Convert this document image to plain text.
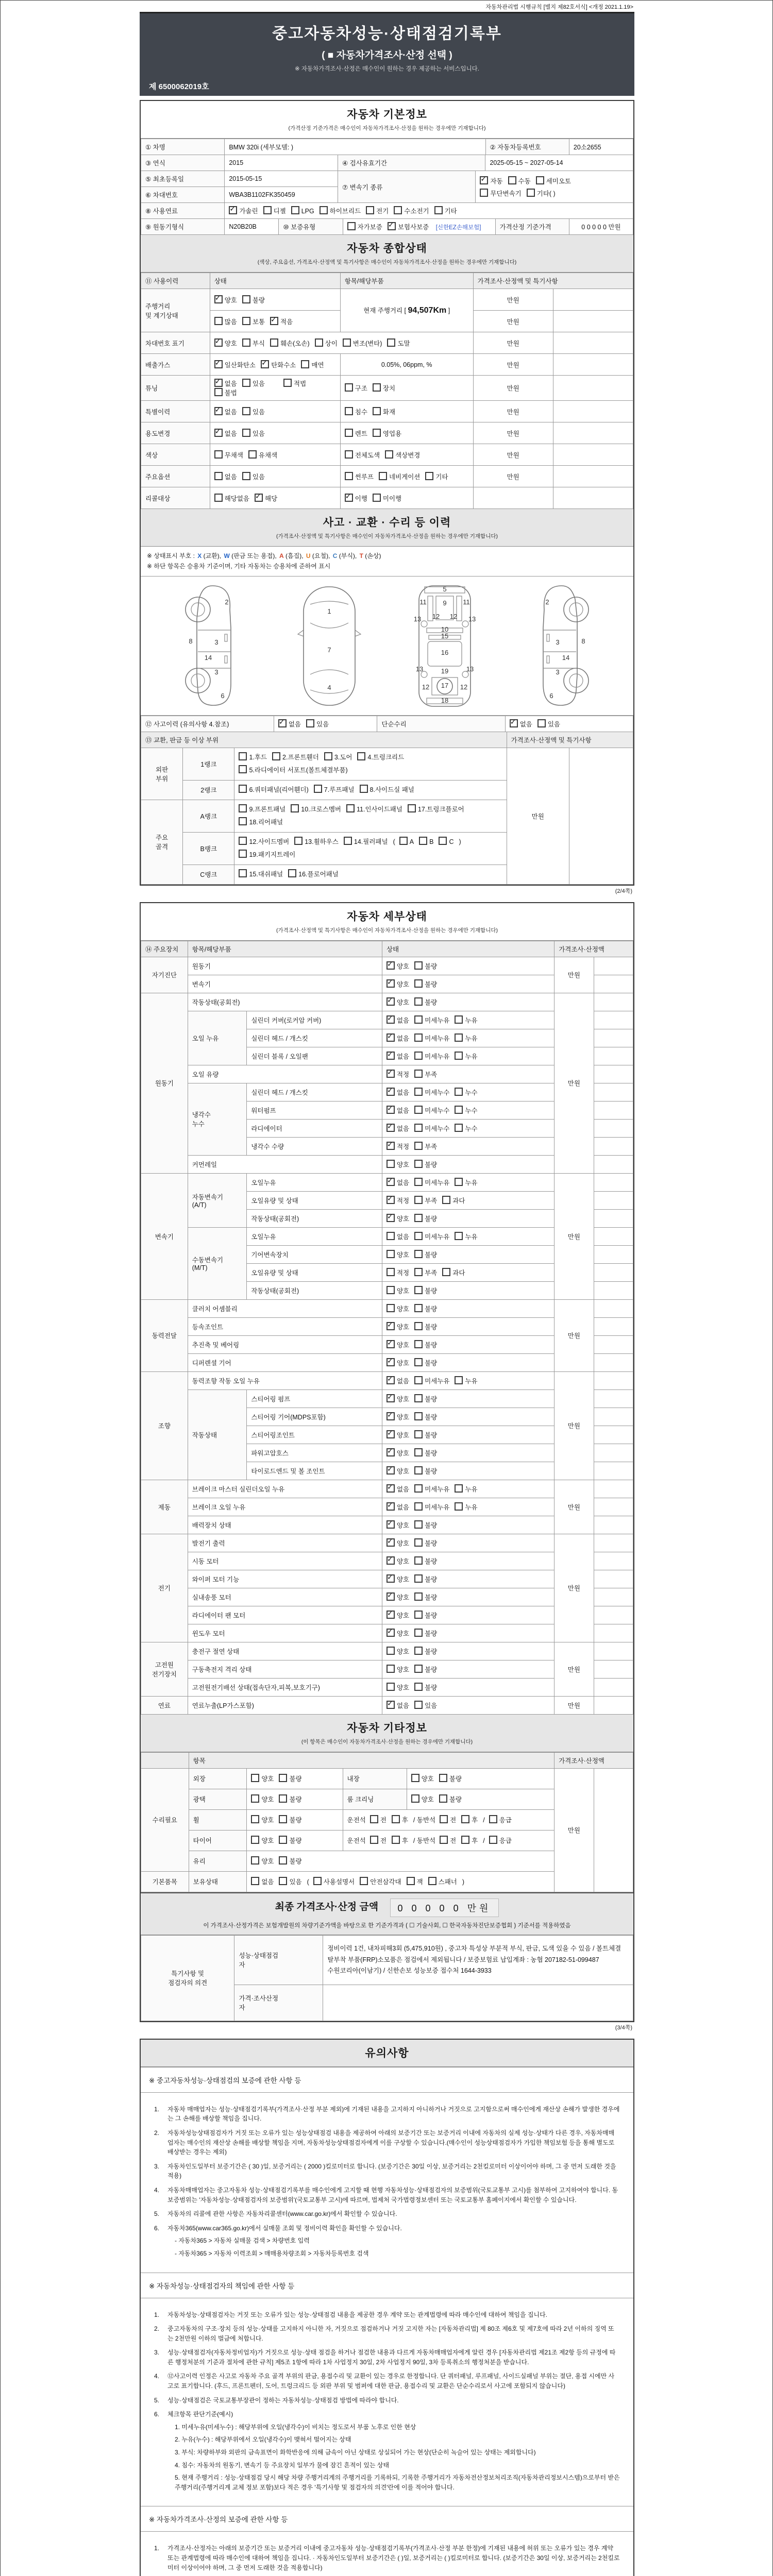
자동차관리법 시행규칙 [별지 제82호서식] <개정 2021.1.19>
중고자동차성능·상태점검기록부
( ■ 자동차가격조사·산정 선택 )
※ 자동차가격조사·산정은 매수인이 원하는 경우 제공하는 서비스입니다.
제 6500062019호
자동차 기본정보
(가격산정 기준가격은 매수인이 자동차가격조사·산정을 원하는 경우에만 기재합니다)
① 차명	BMW 320i (세부모델: )	② 자동차등록번호	20소2655
③ 연식	2015	④ 검사유효기간	2025-05-15 ~ 2027-05-14
⑤ 최초등록일	2015-05-15	⑦ 변속기 종류	
✓자동 수동 세미오토
무단변속기 기타( )

⑥ 차대번호	WBA3B1102FK350459		
⑧ 사용연료	✓가솔린 디젤 LPG 하이브리드 전기 수소전기 기타
⑨ 원동기형식	N20B20B	⑩ 보증유형	자가보증 ✓ 보험사보증 [신한EZ손해보험]	가격산정 기준가격	0 0 0 0 0 만원
자동차 종합상태
(색상, 주요옵션, 가격조사·산정액 및 특기사항은 매수인이 자동차가격조사·산정을 원하는 경우에만 기재합니다)
⑪ 사용이력	상태	항목/해당부품	가격조사·산정액 및 특기사항	
주행거리
및 계기상태	✓양호 불량	현재 주행거리 [ 94,507Km ]	만원	
	많음 보통 ✓ 적음		만원	
차대번호 표기	✓양호 부식 훼손(오손) 상이 변조(변타) 도말		만원	
배출가스	✓일산화탄소 ✓ 탄화수소 매연	0.05%, 06ppm, %	만원	
튜닝	✓없음 있음 적법불법	구조 장치	만원	
특별이력	✓없음 있음	침수 화재	만원	
용도변경	✓없음 있음	렌트 영업용	만원	
색상	무채색 유채색	전체도색 색상변경	만원	
주요옵션	없음 있음	썬루프 네비게이션 기타	만원	
리콜대상	해당없음 ✓ 해당	✓이행 미이행		
사고 · 교환 · 수리 등 이력
(가격조사·산정액 및 특기사항은 매수인이 자동차가격조사·산정을 원하는 경우에만 기재합니다)
※ 상태표시 부호 : X (교환), W (판금 또는 용접), A (흠집), U (요철), C (부식), T (손상)
※ 하단 항목은 승용차 기준이며, 기타 자동차는 승용차에 준하여 표시
2
8	3
14
3
6
1
7
4
5
11 9 11
13 12 12 13
10
15
16
13	19	13
12 17 12
18
2
3	8
14
3
6
⑫ 사고이력 (유의사항 4.참조)	✓없음 있음	단순수리	✓없음 있음
⑬ 교환, 판금 등 이상 부위			가격조사·산정액 및 특기사항	
외판
부위	1랭크	1.후드 2.프론트휀더 3.도어 4.트렁크리드
5.라디에이터 서포트(볼트체결부품)	만원	
	2랭크	6.쿼터패널(리어휀더) 7.루프패널 8.사이드실 패널		
주요
골격	A랭크	9.프론트패널 10.크로스멤버 11.인사이드패널 17.트렁크플로어
18.리어패널		
	B랭크	12.사이드멤버 13.휠하우스 14.필러패널 ( A B C )
19.패키지트레이		
	C랭크	15.대쉬패널 16.플로어패널		
(2/4쪽)
자동차 세부상태
(가격조사·산정액 및 특기사항은 매수인이 자동차가격조사·산정을 원하는 경우에만 기재합니다)
⑭ 주요장치	항목/해당부품		상태	가격조사·산정액	
자기진단	원동기	✓양호 불량	만원	
	변속기	✓양호 불량	
원동기	작동상태(공회전)	✓양호 불량	만원	
	오일 누유	실린더 커버(로커암 커버)	✓없음 미세누유 누유	
		실린더 헤드 / 개스킷	✓없음 미세누유 누유	
		실린더 블록 / 오일팬	✓없음 미세누유 누유	
	오일 유량	✓적정 부족	
	냉각수
누수	실린더 헤드 / 개스킷	✓없음 미세누수 누수	
		워터펌프	✓없음 미세누수 누수	
		라디에이터	✓없음 미세누수 누수	
		냉각수 수량	✓적정 부족	
	커먼레일		양호 불량		
변속기	자동변속기
(A/T)	오일누유	✓없음 미세누유 누유	만원	
		오일유량 및 상태	✓적정 부족 과다	
		작동상태(공회전)	✓양호 불량	
	수동변속기
(M/T)	오일누유	없음 미세누유 누유		
		기어변속장치	양호 불량		
		오일유량 및 상태	적정 부족 과다		
		작동상태(공회전)	양호 불량		
동력전달	클러치 어셈블리		양호 불량	만원	
	등속조인트	✓양호 불량	
	추진축 및 베어링	✓양호 불량	
	디퍼렌셜 기어	✓양호 불량	
조향	동력조향 작동 오일 누유	✓없음 미세누유 누유	만원	
	작동상태	스티어링 펌프	✓양호 불량	
		스티어링 기어(MDPS포함)	✓양호 불량	
		스티어링조인트	✓양호 불량	
		파워고압호스	✓양호 불량	
		타이로드엔드 및 볼 조인트	✓양호 불량	
제동	브레이크 마스터 실린더오일 누유	✓없음 미세누유 누유	만원	
	브레이크 오일 누유	✓없음 미세누유 누유	
	배력장치 상태	✓양호 불량	
전기	발전기 출력	✓양호 불량	만원	
	시동 모터	✓양호 불량	
	와이퍼 모터 기능	✓양호 불량	
	실내송풍 모터	✓양호 불량	
	라디에이터 팬 모터	✓양호 불량	
	윈도우 모터	✓양호 불량	
고전원
전기장치	충전구 절연 상태		양호 불량	만원	
	구동축전지 격리 상태		양호 불량		
	고전원전기배선 상태(접속단자,피복,보호기구)		양호 불량		
연료	연료누출(LP가스포함)	✓없음 있음	만원	
자동차 기타정보
(이 항목은 매수인이 자동차가격조사·산정을 원하는 경우에만 기재합니다)
	항목				가격조사·산정액	
수리필요	외장	양호 불량	내장	양호 불량	만원	
	광택	양호 불량	룸 크리닝	양호 불량		
	휠	양호 불량	운전석 전 후 / 동반석 전 후 / 응급			
	타이어	양호 불량	운전석 전 후 / 동반석 전 후 / 응급			
	유리	양호 불량				
기본품목	보유상태	없음 있음 ( 사용설명서 안전삼각대 잭 스패너 )				
최종 가격조사·산정 금액 0 0 0 0 0 만원
이 가격조사·산정가격은 보험개발원의 차량기준가액을 바탕으로 한 기준가격과 ( ☐ 기술사회, ☐ 한국자동차진단보증협회 ) 기준서를 적용하였음
특기사항 및
점검자의 의견	성능·상태점검
자	정비이력 1건, 내차피해3회 (5,475,910원) , 중고차 특성상 부분적 부식, 판금, 도색 있을 수 있음 / 볼트체결 탈부착 부품(FRP)소모품은 점검에서 제외됩니다 / 보증보험료 납입계좌 : 농협 207182-51-099487 수원코리아(이남기) / 신한손보 성능보증 접수처 1644-3933
	가격·조사산정
자	
(3/4쪽)
유의사항
※ 중고자동차성능·상태점검의 보증에 관한 사항 등
1.	자동차 매매업자는 성능·상태점검기록부(가격조사·산정 부분 제외)에 기재된 내용을 고지하지 아니하거나 거짓으로 고지함으로써 매수인에게 재산상 손해가 발생한 경우에는 그 손해를 배상할 책임을 집니다.
2.	자동차성능상태점검자가 거짓 또는 오류가 있는 성능상태점검 내용을 제공하여 아래의 보증기간 또는 보증거리 이내에 자동차의 실제 성능·상태가 다른 경우, 자동차매매업자는 매수인의 재산상 손해를 배상할 책임을 지며, 자동차성능상태점검자에게 이를 구상할 수 있습니다.(매수인이 성능상태점검자가 가입한 책임보험 등을 통해 별도로 배상받는 경우는 제외)
3.	자동차인도일부터 보증기간은 ( 30 )일, 보증거리는 ( 2000 )킬로미터로 합니다. (보증기간은 30일 이상, 보증거리는 2천킬로미터 이상이어야 하며, 그 중 먼저 도래한 것을 적용)
4.	자동차매매업자는 중고자동차 성능·상태점검기록부를 매수인에게 고지할 때 현행 자동차성능·상태점검자의 보증범위(국토교통부 고시)를 첨부하여 고지하여야 합니다. 동 보증범위는 '자동차성능·상태점검자의 보증범위'(국토교통부 고시)에 따르며, 법제처 국가법령정보센터 또는 국토교통부 홈페이지에서 확인할 수 있습니다.
5.	자동차의 리콜에 관한 사항은 자동차리콜센터(www.car.go.kr)에서 확인할 수 있습니다.
6.	자동차365(www.car365.go.kr)에서 실매물 조회 및 정비이력 확인을 확인할 수 있습니다.
- 자동차365 > 자동차 실매물 검색 > 차량번호 입력
- 자동차365 > 자동차 이력조회 > 매매용차량조회 > 자동차등록번호 검색
※ 자동차성능·상태점검자의 책임에 관한 사항 등
1.	자동차성능·상태점검자는 거짓 또는 오류가 있는 성능·상태점검 내용을 제공한 경우 계약 또는 관계법령에 따라 매수인에 대하여 책임을 집니다.
2.	중고자동차의 구조·장치 등의 성능·상태를 고지하지 아니한 자, 거짓으로 점검하거나 거짓 고지한 자는 [자동차관리법] 제 80조 제6호 및 제7호에 따라 2년 이하의 징역 또는 2천만원 이하의 벌금에 처합니다.
3.	성능·상태점검자(자동차정비업자)가 거짓으로 성능·상태 점검을 하거나 점검한 내용과 다르게 자동차매매업자에게 알린 경우 [자동차관리법 제21조 제2항 등의 규정에 따른 행정처분의 기준과 절차에 관한 규칙] 제5조 1항에 따라 1차 사업정지 30일, 2차 사업정지 90일, 3차 등록취소의 행정처분을 받습니다.
4.	⑫사고이력 인정은 사고로 자동차 주요 골격 부위의 판금, 용접수리 및 교환이 있는 경우로 한정합니다. 단 쿼터패널, 루프패널, 사이드실패널 부위는 절단, 용접 시에만 사고로 표기합니다. (후드, 프론트펜더, 도어, 트렁크리드 등 외판 부위 및 범퍼에 대한 판금, 용접수리 및 교환은 단순수리로서 사고에 포함되지 않습니다)
5.	성능·상태점검은 국토교통부장관이 정하는 자동차성능·상태점검 방법에 따라야 합니다.
6.	체크항목 판단기준(예시)
1. 미세누유(미세누수) : 해당부위에 오일(냉각수)이 비치는 정도로서 부품 노후로 인한 현상
2. 누유(누수) : 해당부위에서 오일(냉각수)이 맺혀서 떨어지는 상태
3. 부식: 차량하부와 외판의 금속표면이 화학반응에 의해 금속이 아닌 상태로 상실되어 가는 현상(단순히 녹슬어 있는 상태는 제외합니다)
4. 침수: 자동차의 원동기, 변속기 등 주요장치 일부가 물에 잠긴 흔적이 있는 상태
5. 현재 주행거리 : 성능·상태점검 당시 해당 차량 주행거리계의 주행거리를 기록하되, 기록한 주행거리가 자동차전산정보처리조직(자동차관리정보시스템)으로부터 받은 주행거리(주행거리계 교체 정보 포함)보다 적은 경우 '특기사항 및 점검자의 의견'란에 이를 적어야 합니다.
※ 자동차가격조사·산정의 보증에 관한 사항 등
1.	가격조사·산정자는 아래의 보증기간 또는 보증거리 이내에 중고자동차 성능·상태점검기록부(가격조사·산정 부분 한정)에 기재된 내용에 허위 또는 오류가 있는 경우 계약 또는 관계법령에 따라 매수인에 대하여 책임을 집니다. · 자동차인도일부터 보증기간은 ( )일, 보증거리는 ( )킬로미터로 합니다. (보증기간은 30일 이상, 보증거리는 2천킬로미터 이상이어야 하며, 그 중 먼저 도래한 것을 적용합니다)
